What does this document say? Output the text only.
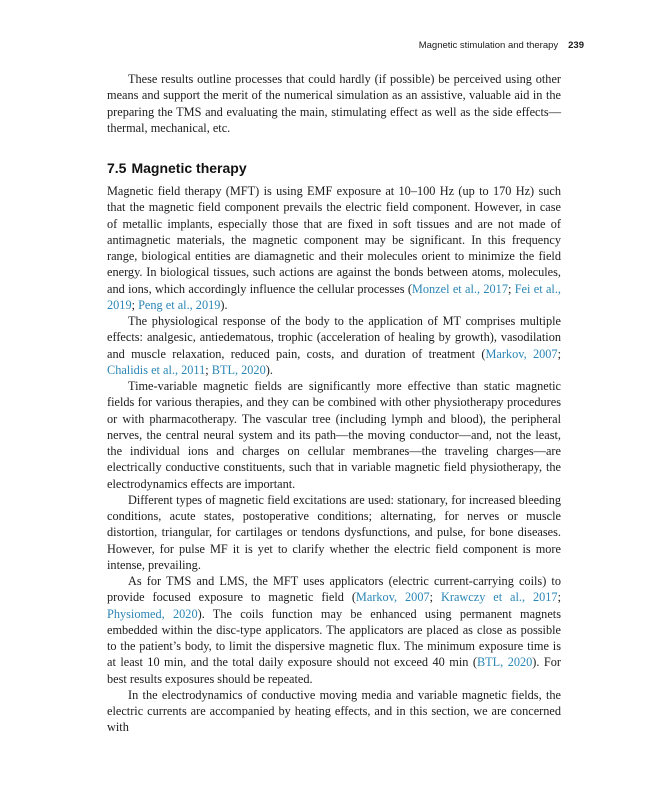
Magnetic stimulation and therapy 239

These results outline processes that could hardly (if possible) be perceived using other means and support the merit of the numerical simulation as an assistive, valuable aid in the preparing the TMS and evaluating the main, stimulating effect as well as the side effects—thermal, mechanical, etc.

7.5 Magnetic therapy

Magnetic field therapy (MFT) is using EMF exposure at 10–100 Hz (up to 170 Hz) such that the magnetic field component prevails the electric field component. However, in case of metallic implants, especially those that are fixed in soft tissues and are not made of antimagnetic materials, the magnetic component may be significant. In this frequency range, biological entities are diamagnetic and their molecules orient to minimize the field energy. In biological tissues, such actions are against the bonds between atoms, molecules, and ions, which accordingly influence the cellular processes (Monzel et al., 2017; Fei et al., 2019; Peng et al., 2019).

The physiological response of the body to the application of MT comprises multiple effects: analgesic, antiedematous, trophic (acceleration of healing by growth), vasodilation and muscle relaxation, reduced pain, costs, and duration of treatment (Markov, 2007; Chalidis et al., 2011; BTL, 2020).

Time-variable magnetic fields are significantly more effective than static magnetic fields for various therapies, and they can be combined with other physiotherapy procedures or with pharmacotherapy. The vascular tree (including lymph and blood), the peripheral nerves, the central neural system and its path—the moving conductor—and, not the least, the individual ions and charges on cellular membranes—the traveling charges—are electrically conductive constituents, such that in variable magnetic field physiotherapy, the electrodynamics effects are important.

Different types of magnetic field excitations are used: stationary, for increased bleeding conditions, acute states, postoperative conditions; alternating, for nerves or muscle distortion, triangular, for cartilages or tendons dysfunctions, and pulse, for bone diseases. However, for pulse MF it is yet to clarify whether the electric field component is more intense, prevailing.

As for TMS and LMS, the MFT uses applicators (electric current-carrying coils) to provide focused exposure to magnetic field (Markov, 2007; Krawczy et al., 2017; Physiomed, 2020). The coils function may be enhanced using permanent magnets embedded within the disc-type applicators. The applicators are placed as close as possible to the patient’s body, to limit the dispersive magnetic flux. The minimum exposure time is at least 10 min, and the total daily exposure should not exceed 40 min (BTL, 2020). For best results exposures should be repeated.

In the electrodynamics of conductive moving media and variable magnetic fields, the electric currents are accompanied by heating effects, and in this section, we are concerned with
